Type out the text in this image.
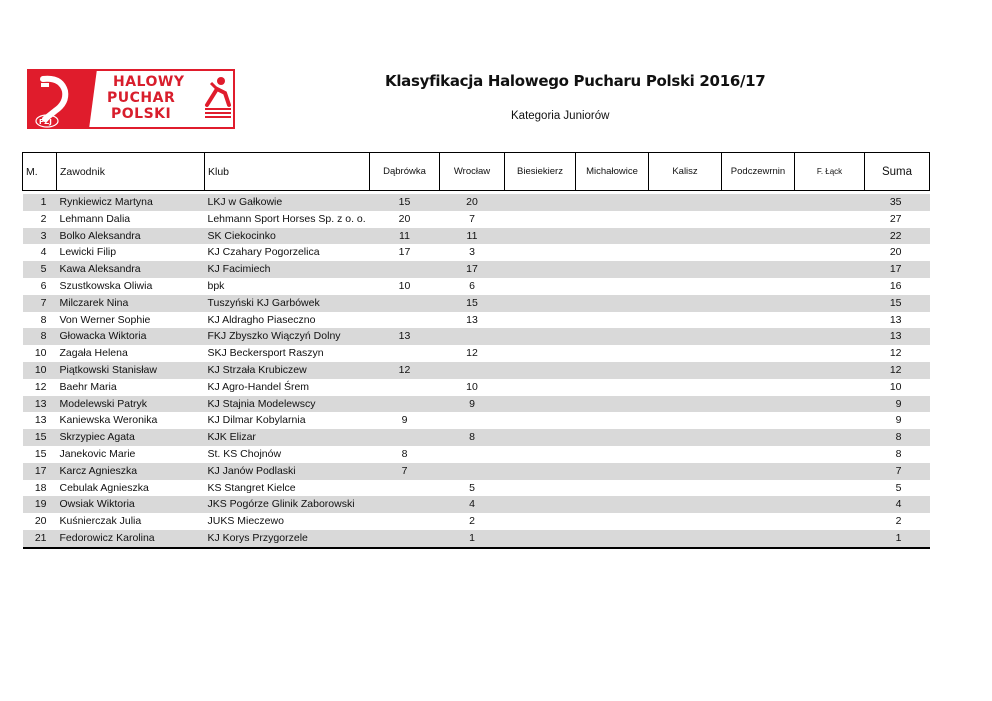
PZJ
HALOWY
PUCHAR
POLSKI
Klasyfikacja Halowego Pucharu Polski 2016/17
Kategoria Juniorów
M.	Zawodnik	Klub	Dąbrówka	Wrocław	Biesiekierz	Michałowice	Kalisz	Podczewrnin	F. Łąck	Suma

1	Rynkiewicz Martyna	LKJ w Gałkowie	15	20						35
2	Lehmann Dalia	Lehmann Sport Horses Sp. z o. o.	20	7						27
3	Bolko Aleksandra	SK Ciekocinko	11	11						22
4	Lewicki Filip	KJ Czahary Pogorzelica	17	3						20
5	Kawa Aleksandra	KJ Facimiech		17						17
6	Szustkowska Oliwia	bpk	10	6						16
7	Milczarek Nina	Tuszyński KJ Garbówek		15						15
8	Von Werner Sophie	KJ Aldragho Piaseczno		13						13
8	Głowacka Wiktoria	FKJ Zbyszko Wiączyń Dolny	13							13
10	Zagała Helena	SKJ Beckersport Raszyn		12						12
10	Piątkowski Stanisław	KJ Strzała Krubiczew	12							12
12	Baehr Maria	KJ Agro-Handel Śrem		10						10
13	Modelewski Patryk	KJ Stajnia Modelewscy		9						9
13	Kaniewska Weronika	KJ Dilmar Kobylarnia	9							9
15	Skrzypiec Agata	KJK Elizar		8						8
15	Janekovic Marie	St. KS Chojnów	8							8
17	Karcz Agnieszka	KJ Janów Podlaski	7							7
18	Cebulak Agnieszka	KS Stangret Kielce		5						5
19	Owsiak Wiktoria	JKS Pogórze Glinik Zaborowski		4						4
20	Kuśnierczak Julia	JUKS Mieczewo		2						2
21	Fedorowicz Karolina	KJ Korys Przygorzele		1						1
